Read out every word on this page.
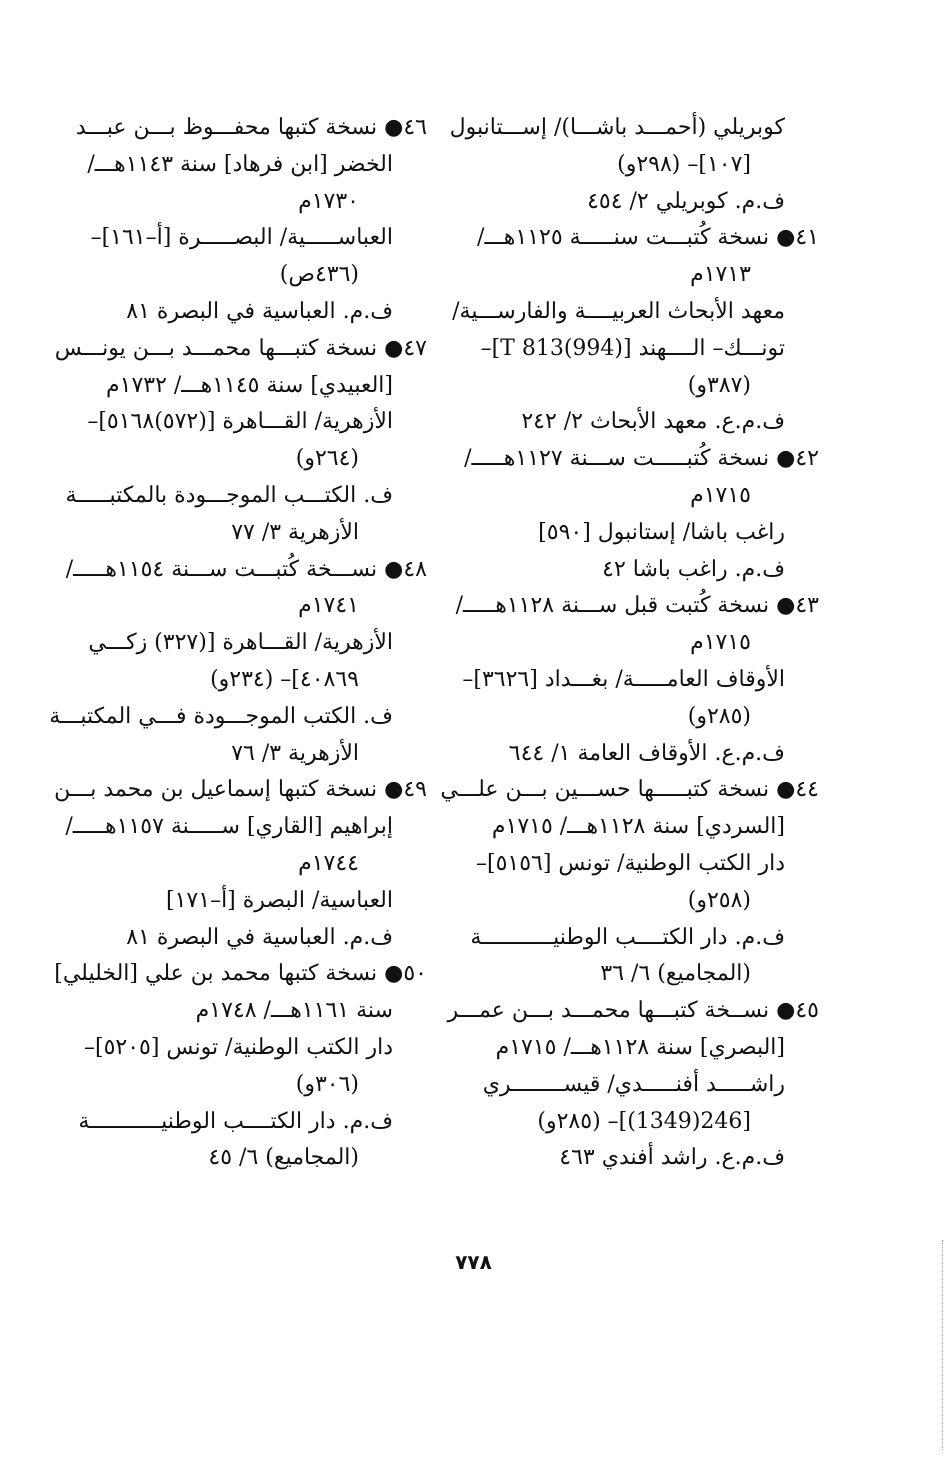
كوبريلي (أحمـــد باشـــا)/ إســـتانبول
[١٠٧]– (٢٩٨و)
ف.م. كوبريلي ٢/ ٤٥٤
٤١● نسخة كُتبـــت سنـــــة ١١٢٥هـــ/
١٧١٣م
معهد الأبحاث العربيــــة والفارســـية/
تونـــك– الــــهند [(994)T 813]–
(٣٨٧و)
ف.م.ع. معهد الأبحاث ٢/ ٢٤٢
٤٢● نسخة كُتبـــــت ســـنة ١١٢٧هـــــ/
١٧١٥م
راغب باشا/ إستانبول [٥٩٠]
ف.م. راغب باشا ٤٢
٤٣● نسخة كُتبت قبل ســـنة ١١٢٨هـــــ/
١٧١٥م
الأوقاف العامـــــة/ بغـــداد [٣٦٢٦]–
(٢٨٥و)
ف.م.ع. الأوقاف العامة ١/ ٦٤٤
٤٤● نسخة كتبـــــها حســـين بـــن علـــي
[السردي] سنة ١١٢٨هـــ/ ١٧١٥م
دار الكتب الوطنية/ تونس [٥١٥٦]–
(٢٥٨و)
ف.م. دار الكتــــب الوطنيـــــــــــة
(المجاميع) ٦/ ٣٦
٤٥● نســخة كتبـــها محمـــد بـــن عمـــر
[البصري] سنة ١١٢٨هـــ/ ١٧١٥م
راشـــــد أفنـــــدي/ قيســــــــري
[246(1349)]– (٢٨٥و)
ف.م.ع. راشد أفندي ٤٦٣
٤٦● نسخة كتبها محفـــوظ بـــن عبـــد
الخضر [ابن فرهاد] سنة ١١٤٣هـــ/
١٧٣٠م
العباســـــية/ البصـــــرة [أ–١٦١]–
(٤٣٦ص)
ف.م. العباسية في البصرة ٨١
٤٧● نسخة كتبـــها محمـــد بـــن يونـــس
[العبيدي] سنة ١١٤٥هـــ/ ١٧٣٢م
الأزهرية/ القـــاهرة [(٥٧٢)٥١٦٨]–
(٢٦٤و)
ف. الكتـــب الموجـــودة بالمكتبـــــة
الأزهرية ٣/ ٧٧
٤٨● نســـخة كُتبـــت ســـنة ١١٥٤هـــــ/
١٧٤١م
الأزهرية/ القـــاهرة [(٣٢٧) زكـــي
٤٠٨٦٩]– (٢٣٤و)
ف. الكتب الموجـــودة فـــي المكتبـــة
الأزهرية ٣/ ٧٦
٤٩● نسخة كتبها إسماعيل بن محمد بـــن
إبراهيم [القاري] ســـــنة ١١٥٧هـــــ/
١٧٤٤م
العباسية/ البصرة [أ–١٧١]
ف.م. العباسية في البصرة ٨١
٥٠● نسخة كتبها محمد بن علي [الخليلي]
سنة ١١٦١هـــ/ ١٧٤٨م
دار الكتب الوطنية/ تونس [٥٢٠٥]–
(٣٠٦و)
ف.م. دار الكتــــب الوطنيـــــــــــة
(المجاميع) ٦/ ٤٥
٧٧٨
